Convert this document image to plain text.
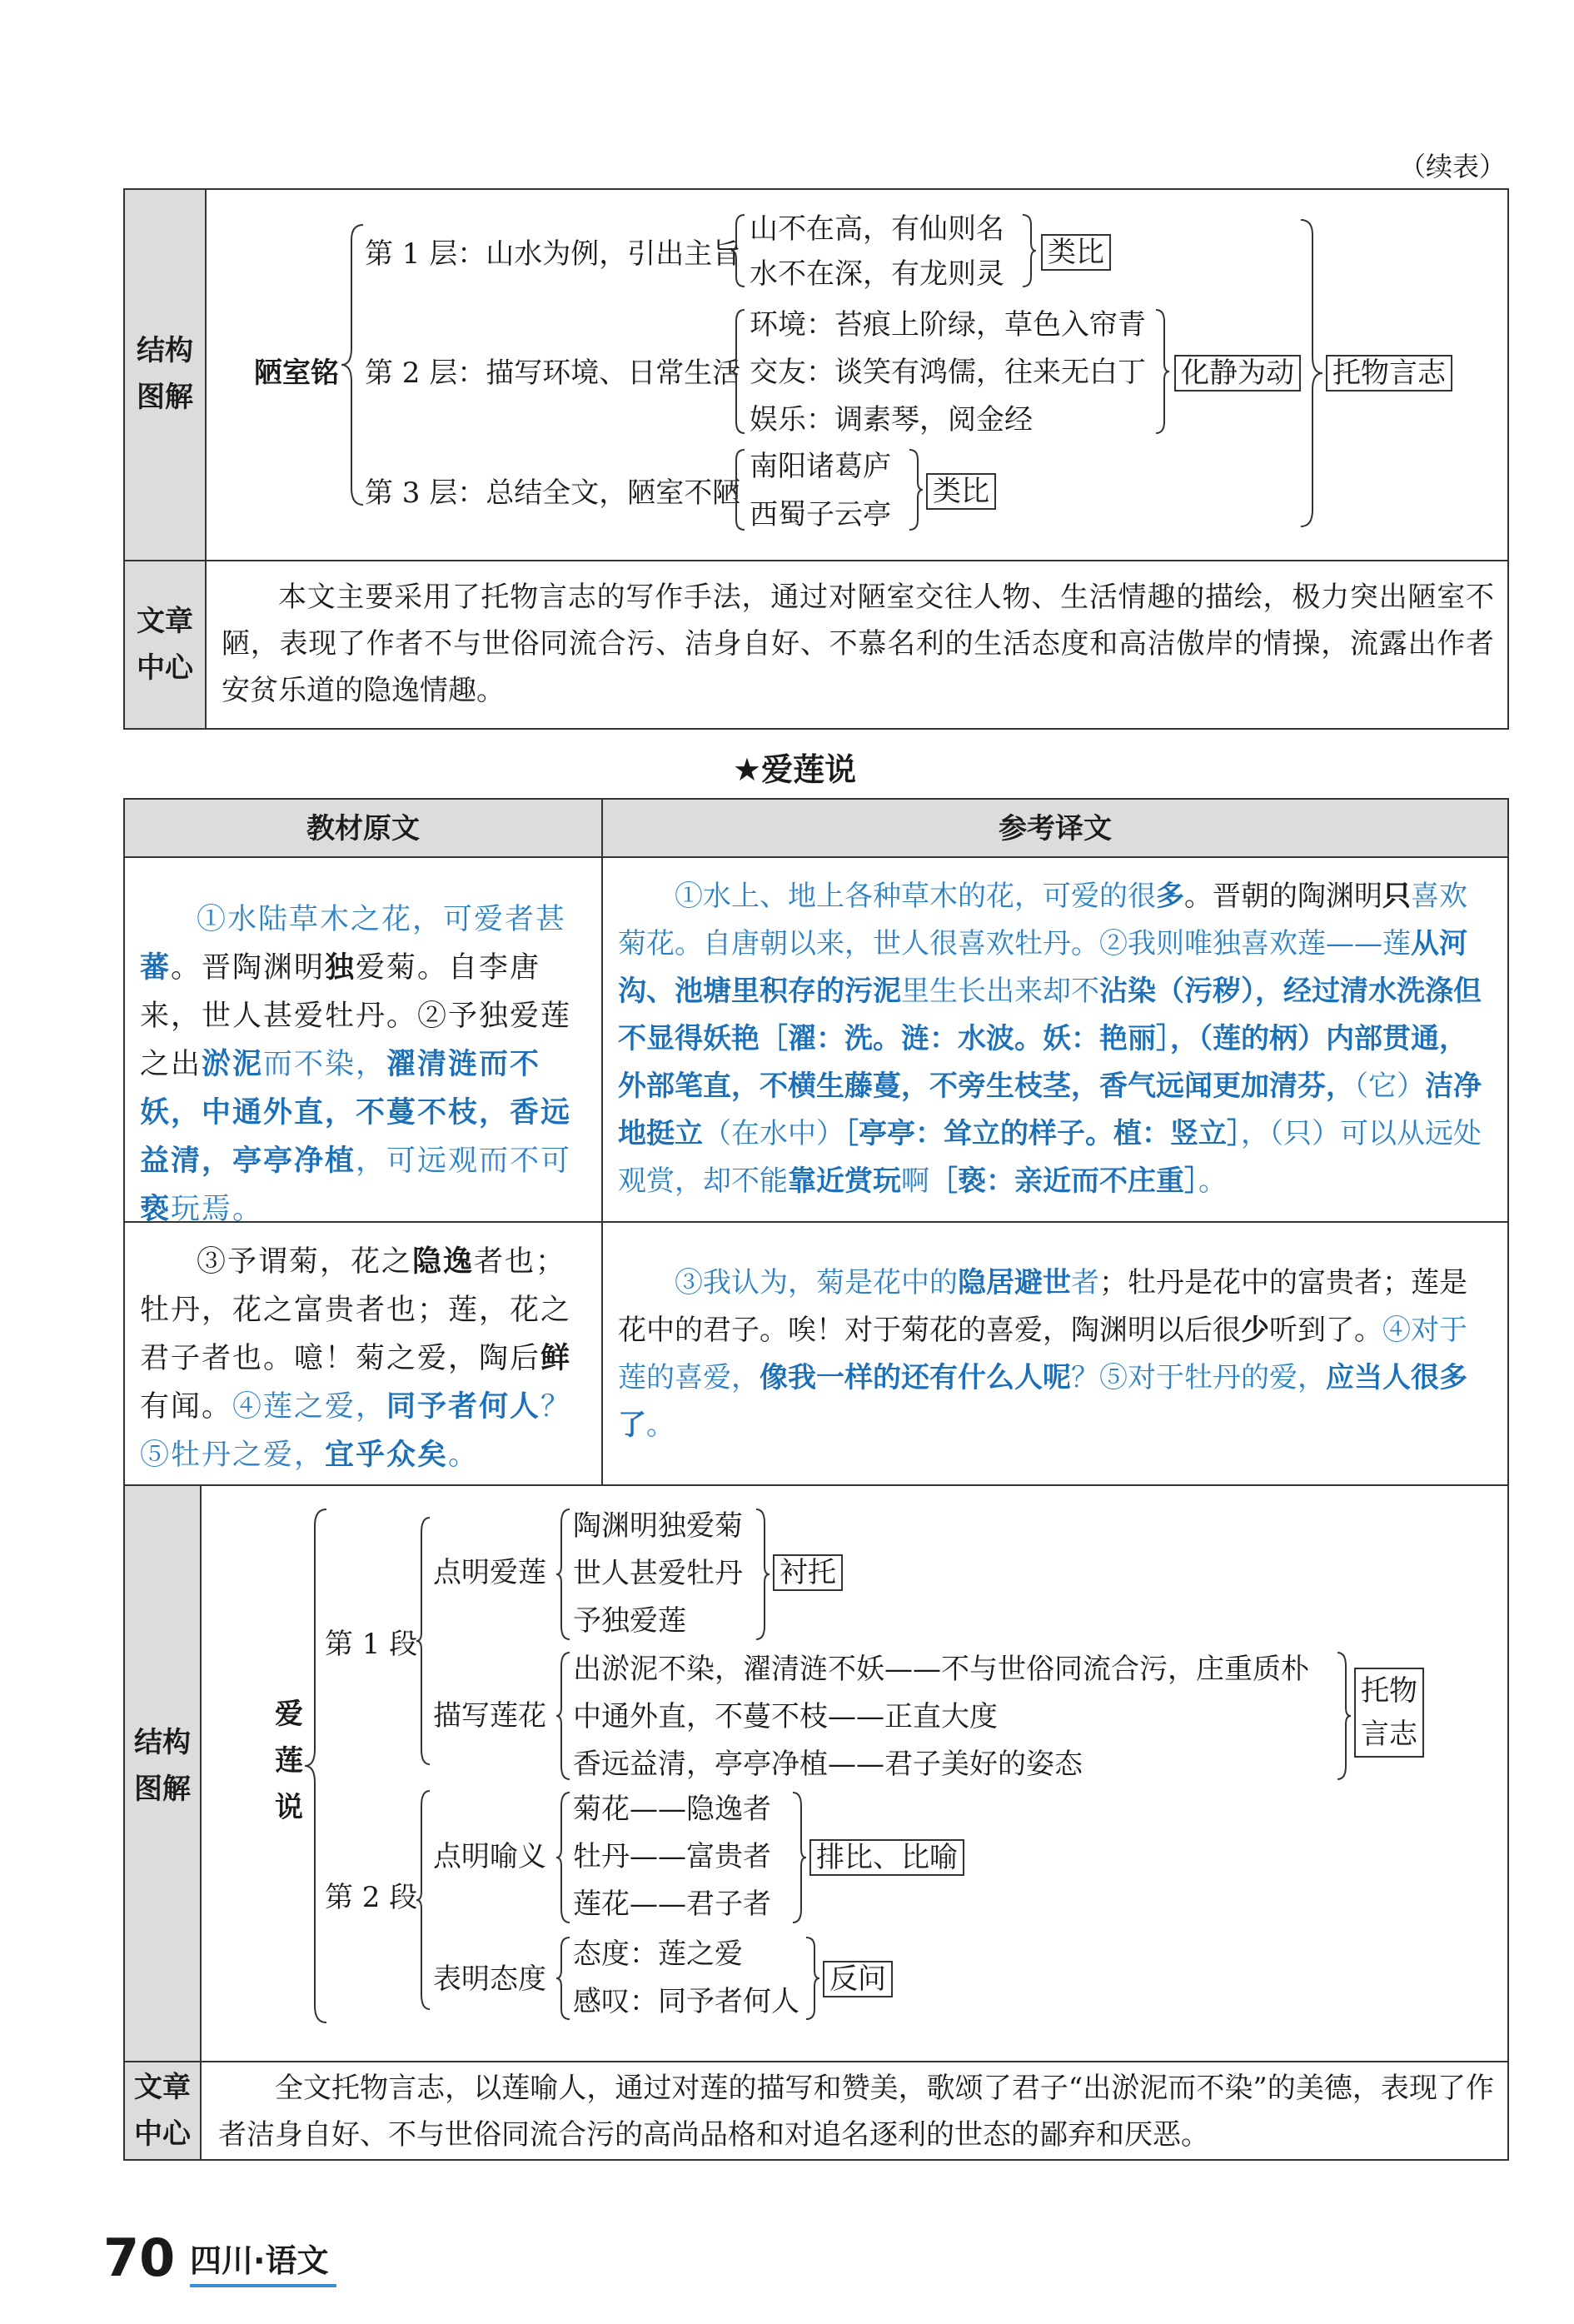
（续表）
结构
图解
文章
中心
陋室铭
第 1 层：山水为例，引出主旨
山不在高，有仙则名
水不在深，有龙则灵
类比
第 2 层：描写环境、日常生活
环境：苔痕上阶绿，草色入帘青
交友：谈笑有鸿儒，往来无白丁
娱乐：调素琴，阅金经
化静为动
第 3 层：总结全文，陋室不陋
南阳诸葛庐
西蜀子云亭
类比
托物言志
本文主要采用了托物言志的写作手法，通过对陋室交往人物、生活情趣的描绘，极力突出陋室不陋，表现了作者不与世俗同流合污、洁身自好、不慕名利的生活态度和高洁傲岸的情操，流露出作者安贫乐道的隐逸情趣。
★爱莲说
教材原文	参考译文
①水陆草木之花，可爱者甚蕃。晋陶渊明独爱菊。自李唐来，世人甚爱牡丹。②予独爱莲之出淤泥而不染，濯清涟而不妖，中通外直，不蔓不枝，香远益清，亭亭净植，可远观而不可亵玩焉。
①水上、地上各种草木的花，可爱的很多。晋朝的陶渊明只喜欢菊花。自唐朝以来，世人很喜欢牡丹。②我则唯独喜欢莲——莲从河沟、池塘里积存的污泥里生长出来却不沾染（污秽），经过清水洗涤但不显得妖艳［濯：洗。涟：水波。妖：艳丽］，（莲的柄）内部贯通，外部笔直，不横生藤蔓，不旁生枝茎，香气远闻更加清芬，（它）洁净地挺立（在水中）［亭亭：耸立的样子。植：竖立］，（只）可以从远处观赏，却不能靠近赏玩啊［亵：亲近而不庄重］。
③予谓菊，花之隐逸者也；牡丹，花之富贵者也；莲，花之君子者也。噫！菊之爱，陶后鲜有闻。④莲之爱，同予者何人？⑤牡丹之爱，宜乎众矣。
③我认为，菊是花中的隐居避世者；牡丹是花中的富贵者；莲是花中的君子。唉！对于菊花的喜爱，陶渊明以后很少听到了。④对于莲的喜爱，像我一样的还有什么人呢？⑤对于牡丹的爱，应当人很多了。
结构
图解
文章
中心
爱
莲
说
第 1 段
点明爱莲
陶渊明独爱菊
世人甚爱牡丹
予独爱莲
衬托
描写莲花
出淤泥不染，濯清涟不妖——不与世俗同流合污，庄重质朴
中通外直，不蔓不枝——正直大度
香远益清，亭亭净植——君子美好的姿态
托物
言志
第 2 段
点明喻义
菊花——隐逸者
牡丹——富贵者
莲花——君子者
排比、比喻
表明态度
态度：莲之爱
感叹：同予者何人
反问
全文托物言志，以莲喻人，通过对莲的描写和赞美，歌颂了君子“出淤泥而不染”的美德，表现了作者洁身自好、不与世俗同流合污的高尚品格和对追名逐利的世态的鄙弃和厌恶。
70 四川·语文
